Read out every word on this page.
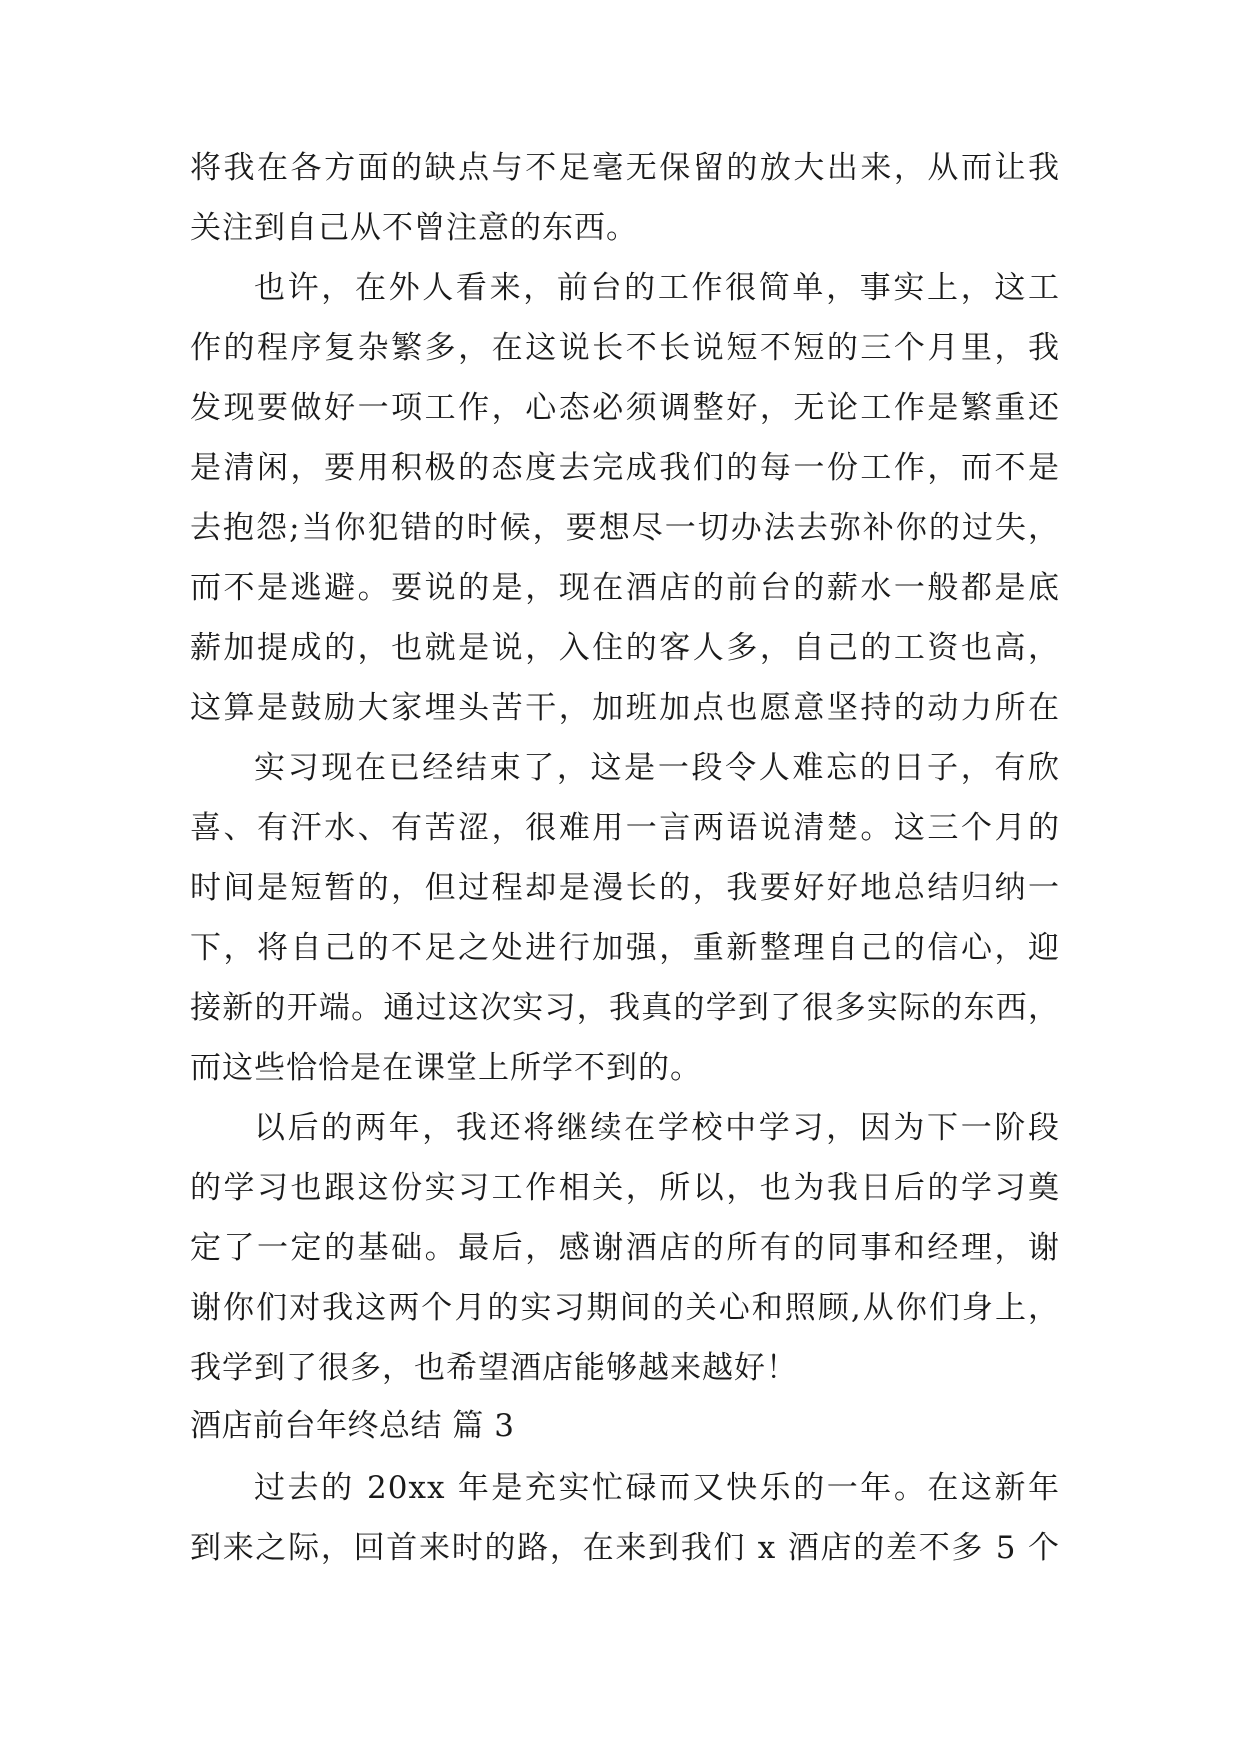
将我在各方面的缺点与不足毫无保留的放大出来，从而让我
关注到自己从不曾注意的东西。
也许，在外人看来，前台的工作很简单，事实上，这工
作的程序复杂繁多，在这说长不长说短不短的三个月里，我
发现要做好一项工作，心态必须调整好，无论工作是繁重还
是清闲，要用积极的态度去完成我们的每一份工作，而不是
去抱怨;当你犯错的时候，要想尽一切办法去弥补你的过失，
而不是逃避。要说的是，现在酒店的前台的薪水一般都是底
薪加提成的，也就是说，入住的客人多，自己的工资也高，
这算是鼓励大家埋头苦干，加班加点也愿意坚持的动力所在
实习现在已经结束了，这是一段令人难忘的日子，有欣
喜、有汗水、有苦涩，很难用一言两语说清楚。这三个月的
时间是短暂的，但过程却是漫长的，我要好好地总结归纳一
下，将自己的不足之处进行加强，重新整理自己的信心，迎
接新的开端。通过这次实习，我真的学到了很多实际的东西，
而这些恰恰是在课堂上所学不到的。
以后的两年，我还将继续在学校中学习，因为下一阶段
的学习也跟这份实习工作相关，所以，也为我日后的学习奠
定了一定的基础。最后，感谢酒店的所有的同事和经理，谢
谢你们对我这两个月的实习期间的关心和照顾,从你们身上，
我学到了很多，也希望酒店能够越来越好！
酒店前台年终总结 篇 3
过去的 20xx 年是充实忙碌而又快乐的一年。在这新年
到来之际，回首来时的路，在来到我们 x 酒店的差不多 5 个
